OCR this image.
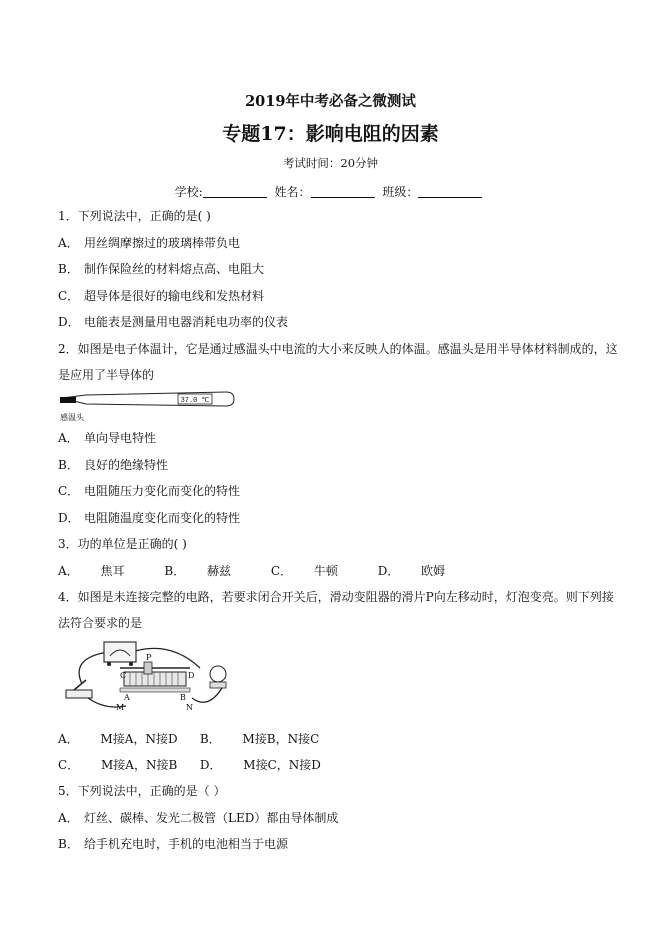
2019年中考必备之微测试
专题17：影响电阻的因素
考试时间：20分钟
学校:	姓名：	班级：
1．下列说法中，正确的是( )
A． 用丝绸摩擦过的玻璃棒带负电
B． 制作保险丝的材料熔点高、电阻大
C． 超导体是很好的输电线和发热材料
D． 电能表是测量用电器消耗电功率的仪表
2．如图是电子体温计，它是通过感温头中电流的大小来反映人的体温。感温头是用半导体材料制成的，这
是应用了半导体的
37.0 ℃
感温头
A． 单向导电特性
B． 良好的绝缘特性
C． 电阻随压力变化而变化的特性
D． 电阻随温度变化而变化的特性
3．功的单位是正确的( )
A． 焦耳	B． 赫兹	C． 牛顿	D． 欧姆
4．如图是未连接完整的电路，若要求闭合开关后，滑动变阻器的滑片P向左移动时，灯泡变亮。则下列接
法符合要求的是
P
C	D
A	B
M	N
A． M接A，N接D B． M接B，N接C
C． M接A，N接B D． M接C，N接D
5．下列说法中，正确的是（ ）
A． 灯丝、碳棒、发光二极管（LED）都由导体制成
B． 给手机充电时，手机的电池相当于电源
